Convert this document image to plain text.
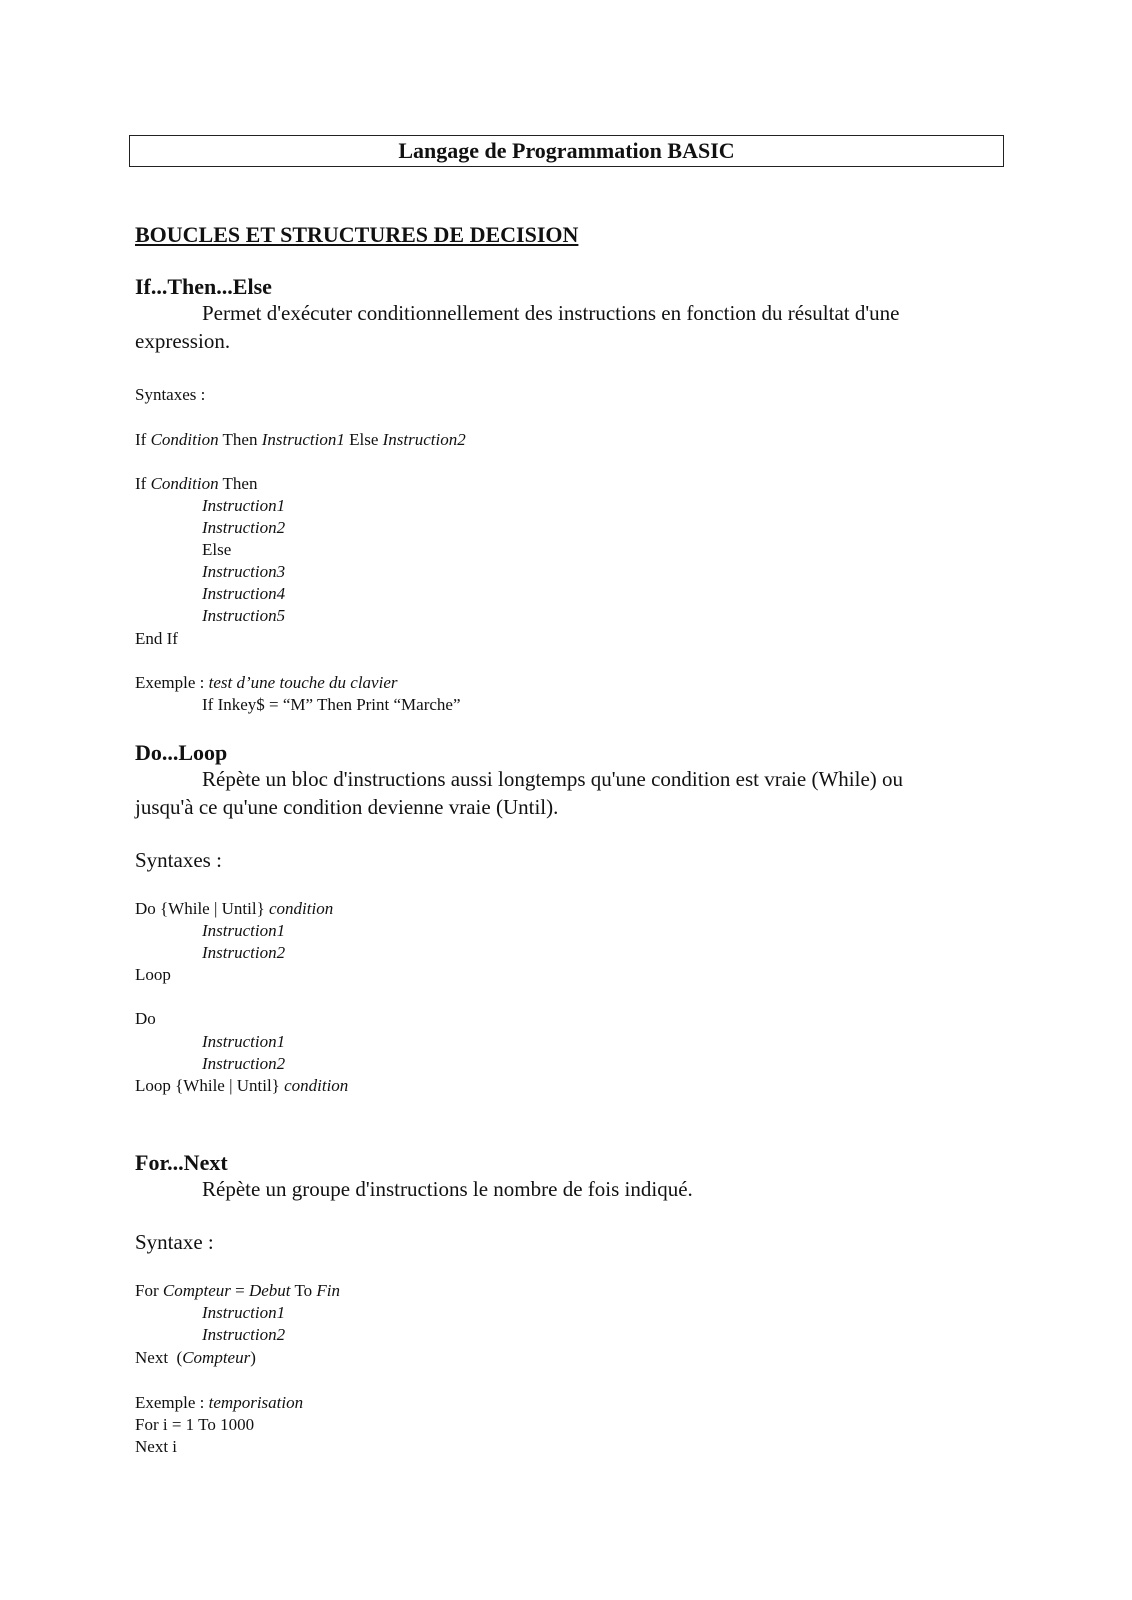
Langage de Programmation BASIC
BOUCLES ET STRUCTURES DE DECISION
If...Then...Else
Permet d'exécuter conditionnellement des instructions en fonction du résultat d'une
expression.
Syntaxes :
If Condition Then Instruction1 Else Instruction2
If Condition Then
Instruction1
Instruction2
Else
Instruction3
Instruction4
Instruction5
End If
Exemple : test d’une touche du clavier
If Inkey$ = “M” Then Print “Marche”
Do...Loop
Répète un bloc d'instructions aussi longtemps qu'une condition est vraie (While) ou
jusqu'à ce qu'une condition devienne vraie (Until).
Syntaxes :
Do {While | Until} condition
Instruction1
Instruction2
Loop
Do
Instruction1
Instruction2
Loop {While | Until} condition
For...Next
Répète un groupe d'instructions le nombre de fois indiqué.
Syntaxe :
For Compteur = Debut To Fin
Instruction1
Instruction2
Next  (Compteur)
Exemple : temporisation
For i = 1 To 1000
Next i
